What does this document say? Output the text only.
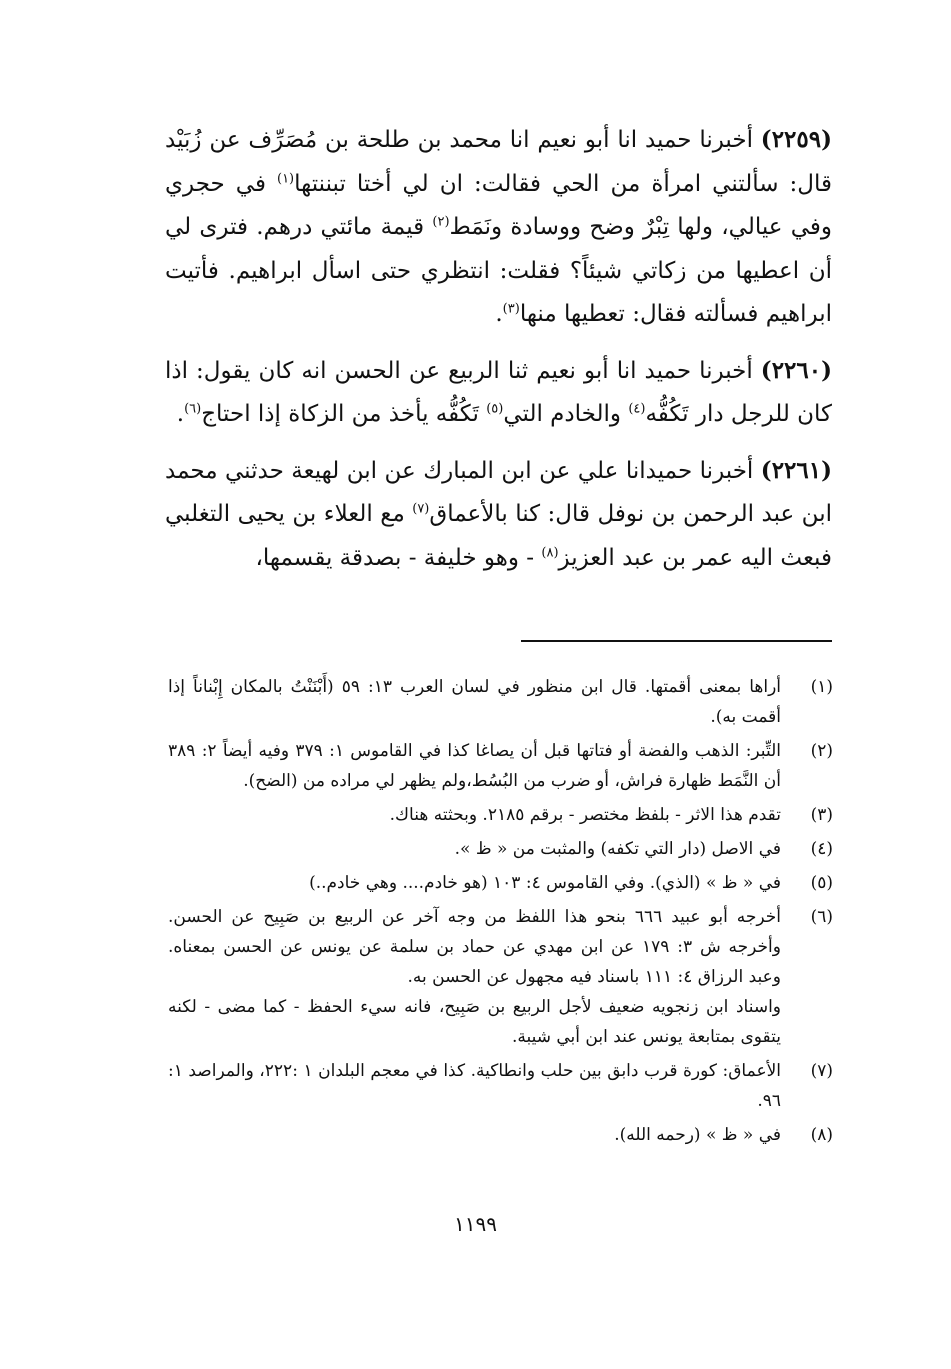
(٢٢٥٩) أخبرنا حميد انا أبو نعيم انا محمد بن طلحة بن مُصَرِّف عن زُبَيْد قال: سألتني امرأة من الحي فقالت: ان لي أختا تبننتها$^{(١)}$ في حجري وفي عيالي، ولها تِبْرٌ وضح ووسادة ونَمَط$^{(٢)}$ قيمة مائتي درهم. فترى لي أن اعطيها من زكاتي شيئاً؟ فقلت: انتظري حتى اسأل ابراهيم. فأتيت ابراهيم فسألته فقال: تعطيها منها$^{(٣)}$.

(٢٢٦٠) أخبرنا حميد انا أبو نعيم ثنا الربيع عن الحسن انه كان يقول: اذا كان للرجل دار تَكُفُّه$^{(٤)}$ والخادم التي$^{(٥)}$ تَكُفُّه يأخذ من الزكاة إذا احتاج$^{(٦)}$.

(٢٢٦١) أخبرنا حميدانا علي عن ابن المبارك عن ابن لهيعة حدثني محمد ابن عبد الرحمن بن نوفل قال: كنا بالأعماق$^{(٧)}$ مع العلاء بن يحيى التغلبي فبعث اليه عمر بن عبد العزيز$^{(٨)}$ - وهو خليفة - بصدقة يقسمها،

(١)

أراها بمعنى أقمتها. قال ابن منظور في لسان العرب ١٣: ٥٩ (أَبْنَنْتُ بالمكان إِبْناناً إذا أقمت به).

(٢)

التِّبر: الذهب والفضة أو فتاتها قبل أن يصاغا كذا في القاموس ١: ٣٧٩ وفيه أيضاً ٢: ٣٨٩ أن النَّمَط ظهارة فراش، أو ضرب من البُسُط،ولم يظهر لي مراده من (الضح).

(٣)

تقدم هذا الاثر - بلفظ مختصر - برقم ٢١٨٥. وبحثته هناك.

(٤)

في الاصل (دار التي تكفه) والمثبت من « ظ ».

(٥)

في « ظ » (الذي). وفي القاموس ٤: ١٠٣ (هو خادم.... وهي خادم..)

(٦)

أخرجه أبو عبيد ٦٦٦ بنحو هذا اللفظ من وجه آخر عن الربيع بن صَبِيح عن الحسن. وأخرجه ش ٣: ١٧٩ عن ابن مهدي عن حماد بن سلمة عن يونس عن الحسن بمعناه. وعبد الرزاق ٤: ١١١ باسناد فيه مجهول عن الحسن به.

واسناد ابن زنجويه ضعيف لأجل الربيع بن صَبِيح، فانه سيء الحفظ - كما مضى - لكنه يتقوى بمتابعة يونس عند ابن أبي شيبة.

(٧)

الأعماق: كورة قرب دابق بين حلب وانطاكية. كذا في معجم البلدان ١ :٢٢٢، والمراصد ١: ٩٦.

(٨)

في « ظ » (رحمه الله).

١١٩٩
